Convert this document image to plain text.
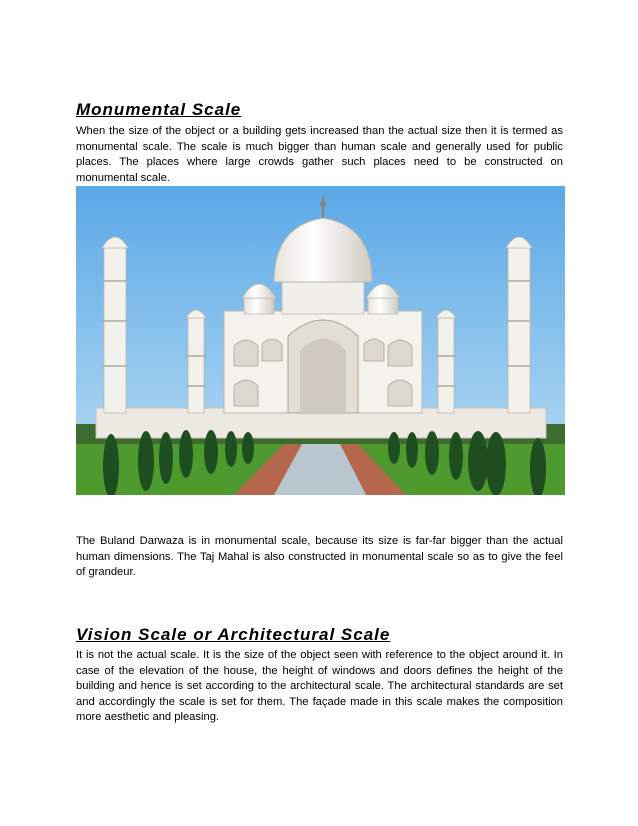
Monumental Scale

When the size of the object or a building gets increased than the actual size then it is termed as monumental scale. The scale is much bigger than human scale and generally used for public places. The places where large crowds gather such places need to be constructed on monumental scale.

The Buland Darwaza is in monumental scale, because its size is far-far bigger than the actual human dimensions. The Taj Mahal is also constructed in monumental scale so as to give the feel of grandeur.

Vision Scale or Architectural Scale

It is not the actual scale. It is the size of the object seen with reference to the object around it. In case of the elevation of the house, the height of windows and doors defines the height of the building and hence is set according to the architectural scale. The architectural standards are set and accordingly the scale is set for them. The façade made in this scale makes the composition more aesthetic and pleasing.
